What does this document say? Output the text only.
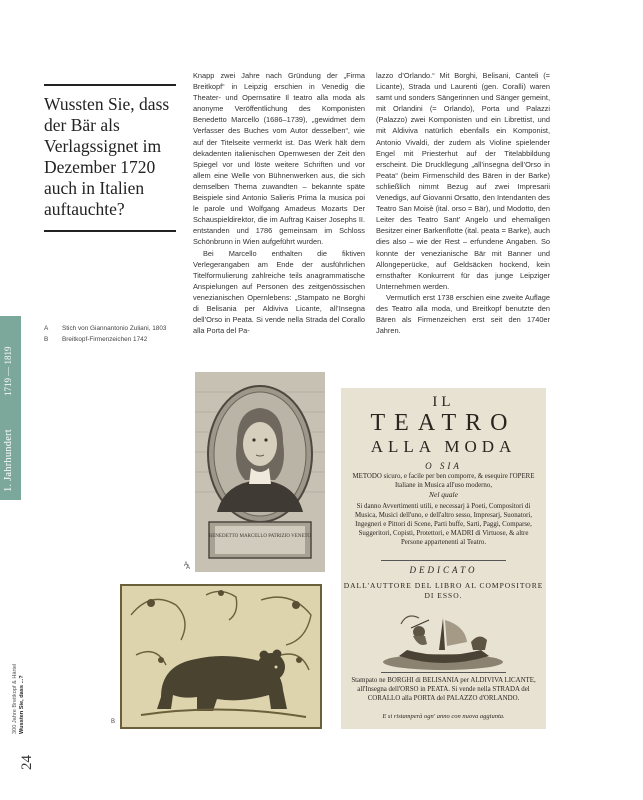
Wussten Sie, dass der Bär als Verlagssignet im Dezember 1720 auch in Italien auftauchte?

Knapp zwei Jahre nach Gründung der „Firma Breitkopf“ in Leipzig erschien in Venedig die Theater- und Opernsatire Il teatro alla moda als anonyme Veröffentlichung des Komponisten Benedetto Marcello (1686–1739), „gewidmet dem Verfasser des Buches vom Autor desselben“, wie auf der Titelseite vermerkt ist. Das Werk hält dem dekadenten italienischen Opernwesen der Zeit den Spiegel vor und löste weitere Schriften und vor allem eine Welle von Bühnenwerken aus, die sich demselben Thema zuwandten – bekannte späte Beispiele sind Antonio Salieris Prima la musica poi le parole und Wolfgang Amadeus Mozarts Der Schauspieldirektor, die im Auftrag Kaiser Josephs II. entstanden und 1786 gemeinsam im Schloss Schönbrunn in Wien aufgeführt wurden.

Bei Marcello enthalten die fiktiven Verlegerangaben am Ende der ausführlichen Titelformulierung zahlreiche teils anagrammatische Anspielungen auf Personen des zeitgenössischen venezianischen Opernlebens: „Stampato ne Borghi di Belisania per Aldiviva Licante, all’Insegna dell’Orso in Peata. Si vende nella Strada del Corallo alla Porta del Pa-

lazzo d’Orlando.“ Mit Borghi, Belisani, Canteli (= Licante), Strada und Laurenti (gen. Coralli) waren samt und sonders Sängerinnen und Sänger gemeint, mit Orlandini (= Orlando), Porta und Palazzi (Palazzo) zwei Komponisten und ein Librettist, und mit Aldiviva natürlich ebenfalls ein Komponist, Antonio Vivaldi, der zudem als Violine spielender Engel mit Priesterhut auf der Titelabbildung erscheint. Die Druckllegung „all’insegna dell’Orso in Peata“ (beim Firmenschild des Bären in der Barke) schließlich nimmt Bezug auf zwei Impresarii Venedigs, auf Giovanni Orsatto, den Intendanten des Teatro San Moisè (ital. orso = Bär), und Modotto, den Leiter des Teatro Sant’ Angelo und ehemaligen Besitzer einer Barkenflotte (ital. peata = Barke), auch dies also – wie der Rest – erfundene Angaben. So konnte der venezianische Bär mit Banner und Allongeperücke, auf Geldsäcken hockend, kein ernsthafter Konkurrent für das junge Leipziger Unternehmen werden.

Vermutlich erst 1738 erschien eine zweite Auflage des Teatro alla moda, und Breitkopf benutzte den Bären als Firmenzeichen erst seit den 1740er Jahren.

A	Stich von Giannantonio Zuliani, 1803
B	Breitkopf-Firmenzeichen 1742
1. Jahrhundert
1719 — 1819
24
300 Jahre Breitkopf & Härtel Wussten Sie, dass ...?
BENEDETTO MARCELLO PATRIZIO VENETO
A
A
B
IL
TEATRO
ALLA MODA
O SIA
METODO sicuro, e facile per ben comporre, & esequire l'OPERE Italiane in Musica all'uso moderno,
Nel quale
Si danno Avvertimenti utili, e necessarj à Poeti, Compositori di Musica, Musici dell'uno, e dell'altro sesso, Impresarj, Suonatori, Ingegneri e Pittori di Scene, Parti buffe, Sarti, Paggi, Comparse, Suggeritori, Copisti, Protettori, e MADRI di Virtuose, & altre Persone appartenenti al Teatro.
DEDICATO
DALL'AUTTORE DEL LIBRO AL COMPOSITORE DI ESSO.
Stampato ne BORGHI di BELISANIA per ALDIVIVA LICANTE, all'Insegna dell'ORSO in PEATA. Si vende nella STRADA del CORALLO alla PORTA del PALAZZO d'ORLANDO.
E si ristamperà ogn' anno con nuova aggiunta.
